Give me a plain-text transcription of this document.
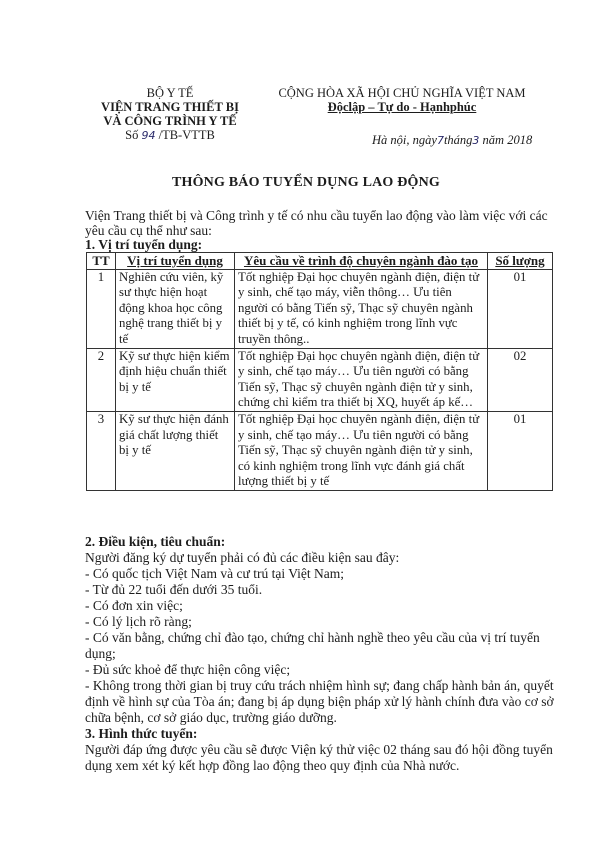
BỘ Y TẾ
VIỆN TRANG THIẾT BỊ
VÀ CÔNG TRÌNH Y TẾ
Số 94 /TB-VTTB
CỘNG HÒA XÃ HỘI CHỦ NGHĨA VIỆT NAM
Độclập – Tự do - Hạnhphúc
Hà nội, ngày7tháng3 năm 2018
THÔNG BÁO TUYỂN DỤNG LAO ĐỘNG
Viện Trang thiết bị và Công trình y tế có nhu cầu tuyển lao động vào làm việc với các yêu cầu cụ thể như sau:
1. Vị trí tuyển dụng:
TT	Vị trí tuyển dụng	Yêu cầu về trình độ chuyên ngành đào tạo	Số lượng
1	Nghiên cứu viên, kỹ sư thực hiện hoạt động khoa học công nghệ trang thiết bị y tế	Tốt nghiệp Đại học chuyên ngành điện, điện tử y sinh, chế tạo máy, viễn thông… Ưu tiên người có bằng Tiến sỹ, Thạc sỹ chuyên ngành thiết bị y tế, có kinh nghiệm trong lĩnh vực truyền thông..	01
2	Kỹ sư thực hiện kiểm định hiệu chuẩn thiết bị y tế	Tốt nghiệp Đại học chuyên ngành điện, điện tử y sinh, chế tạo máy… Ưu tiên người có bằng Tiến sỹ, Thạc sỹ chuyên ngành điện tử y sinh, chứng chỉ kiểm tra thiết bị XQ, huyết áp kế…	02
3	Kỹ sư thực hiện đánh giá chất lượng thiết bị y tế	Tốt nghiệp Đại học chuyên ngành điện, điện tử y sinh, chế tạo máy… Ưu tiên người có bằng Tiến sỹ, Thạc sỹ chuyên ngành điện tử y sinh, có kinh nghiệm trong lĩnh vực đánh giá chất lượng thiết bị y tế	01
2. Điều kiện, tiêu chuẩn:
Người đăng ký dự tuyển phải có đủ các điều kiện sau đây:
- Có quốc tịch Việt Nam và cư trú tại Việt Nam;
- Từ đủ 22 tuổi đến dưới 35 tuổi.
- Có đơn xin việc;
- Có lý lịch rõ ràng;
- Có văn bằng, chứng chỉ đào tạo, chứng chỉ hành nghề theo yêu cầu của vị trí tuyển dụng;
- Đủ sức khoẻ để thực hiện công việc;
- Không trong thời gian bị truy cứu trách nhiệm hình sự; đang chấp hành bản án, quyết định về hình sự của Tòa án; đang bị áp dụng biện pháp xử lý hành chính đưa vào cơ sở chữa bệnh, cơ sở giáo dục, trường giáo dưỡng.
3. Hình thức tuyển:
Người đáp ứng được yêu cầu sẽ được Viện ký thử việc 02 tháng sau đó hội đồng tuyển dụng xem xét ký kết hợp đồng lao động theo quy định của Nhà nước.
